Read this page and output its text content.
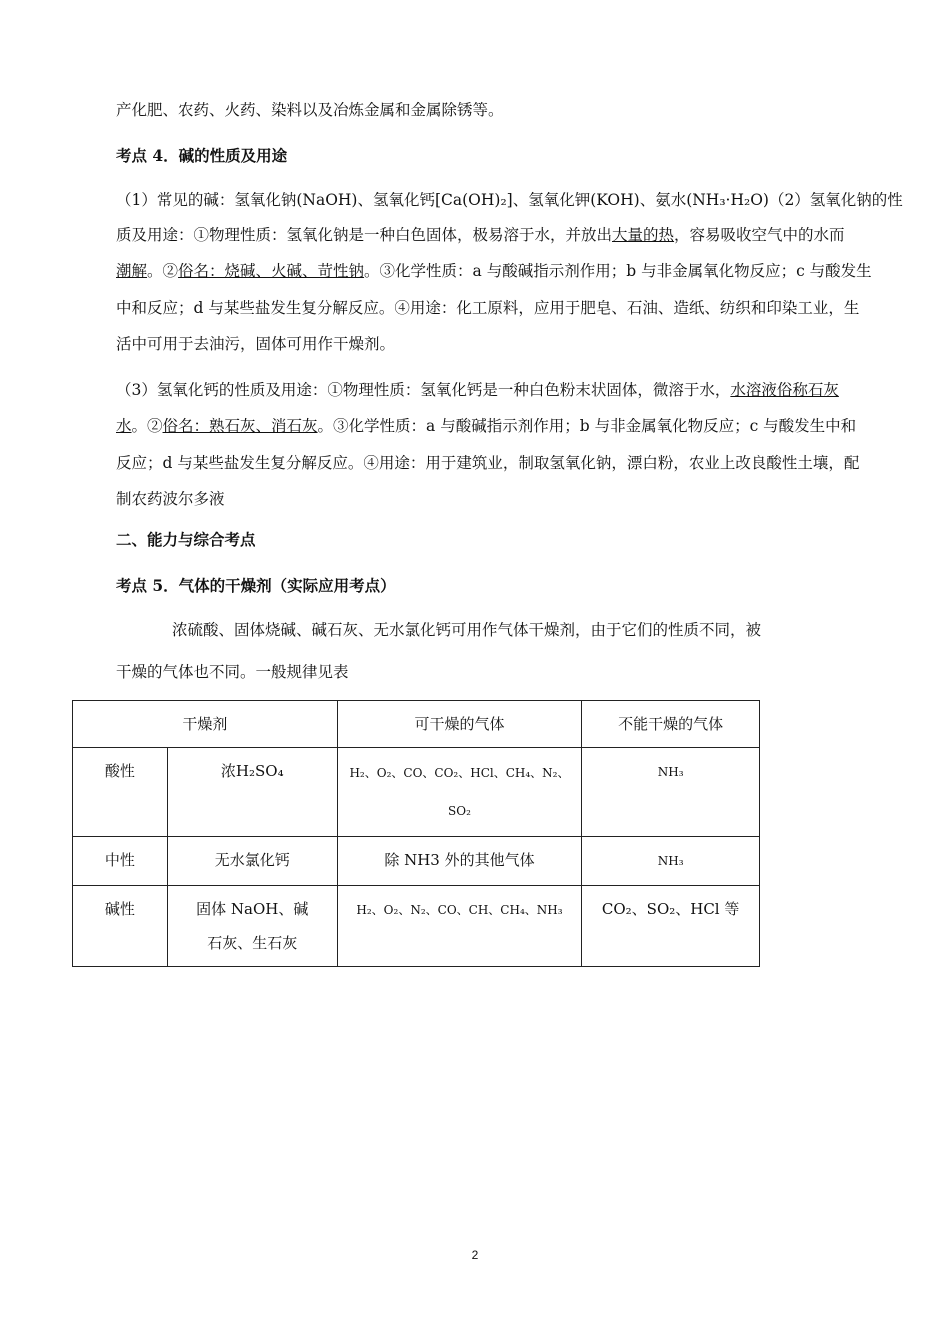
产化肥、农药、火药、染料以及冶炼金属和金属除锈等。
考点 4．碱的性质及用途
（1）常见的碱：氢氧化钠(NaOH)、氢氧化钙[Ca(OH)₂]、氢氧化钾(KOH)、氨水(NH₃·H₂O)（2）氢氧化钠的性
质及用途：①物理性质：氢氧化钠是一种白色固体，极易溶于水，并放出大量的热，容易吸收空气中的水而
潮解。②俗名：烧碱、火碱、苛性钠。③化学性质：a 与酸碱指示剂作用；b 与非金属氧化物反应；c 与酸发生
中和反应；d 与某些盐发生复分解反应。④用途：化工原料，应用于肥皂、石油、造纸、纺织和印染工业，生
活中可用于去油污，固体可用作干燥剂。
（3）氢氧化钙的性质及用途：①物理性质：氢氧化钙是一种白色粉末状固体，微溶于水，水溶液俗称石灰
水。②俗名：熟石灰、消石灰。③化学性质：a 与酸碱指示剂作用；b 与非金属氧化物反应；c 与酸发生中和
反应；d 与某些盐发生复分解反应。④用途：用于建筑业，制取氢氧化钠，漂白粉，农业上改良酸性土壤，配
制农药波尔多液
二、能力与综合考点
考点 5．气体的干燥剂（实际应用考点）
浓硫酸、固体烧碱、碱石灰、无水氯化钙可用作气体干燥剂，由于它们的性质不同，被
干燥的气体也不同。一般规律见表
干燥剂		可干燥的气体	不能干燥的气体
酸性	浓H₂SO₄	H₂、O₂、CO、CO₂、HCl、CH₄、N₂、SO₂	NH₃
中性	无水氯化钙	除 NH3 外的其他气体	NH₃
碱性	固体 NaOH、碱石灰、生石灰	H₂、O₂、N₂、CO、CH、CH₄、NH₃	CO₂、SO₂、HCl 等
2
